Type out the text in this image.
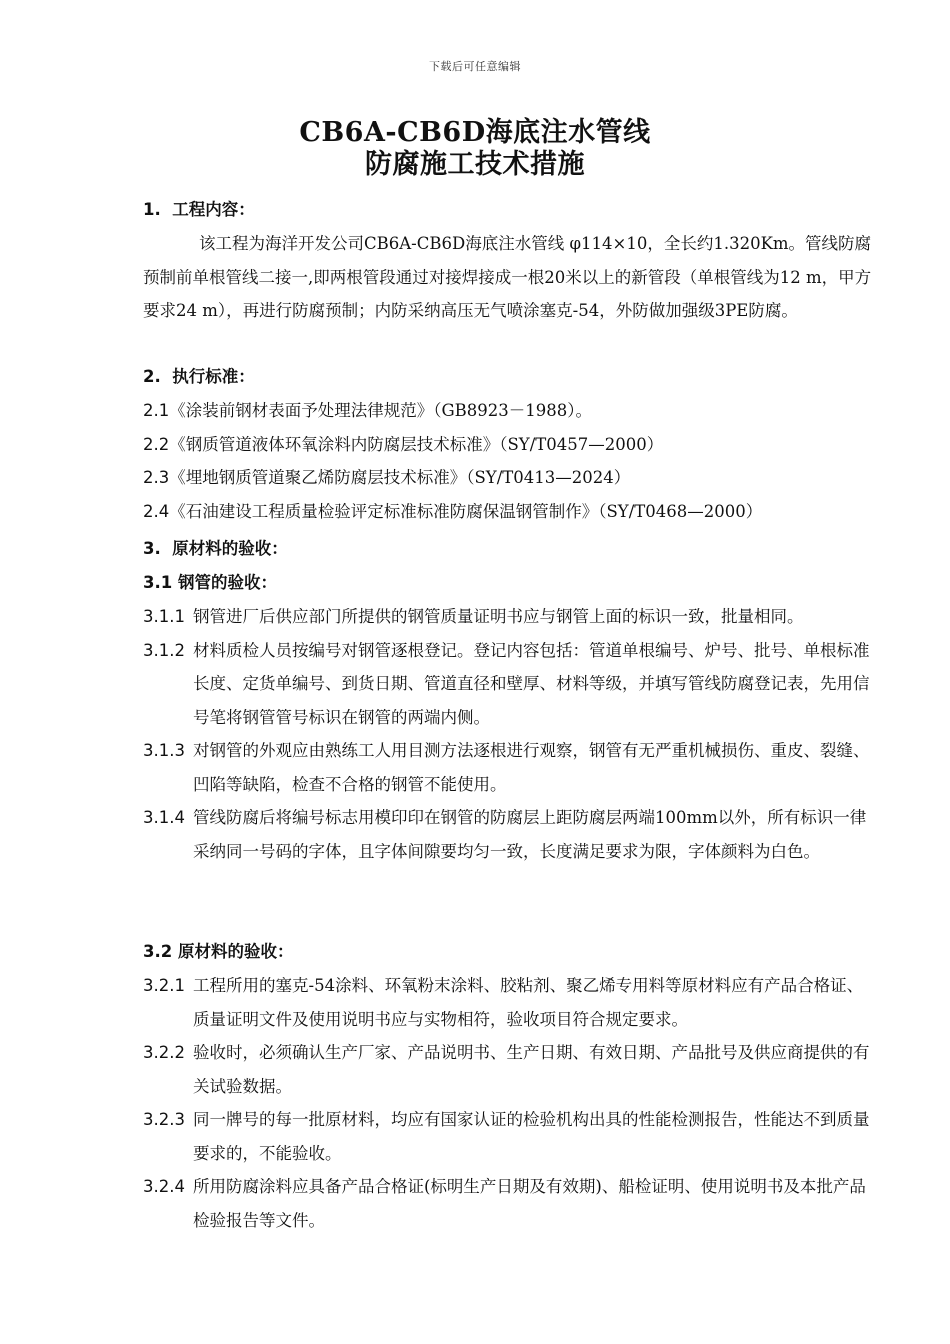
下载后可任意编辑
CB6A-CB6D海底注水管线
防腐施工技术措施
1.  工程内容：
该工程为海洋开发公司CB6A-CB6D海底注水管线 φ114×10，全长约1.320Km。管线防腐预制前单根管线二接一,即两根管段通过对接焊接成一根20米以上的新管段（单根管线为12 m，甲方要求24 m），再进行防腐预制；内防采纳高压无气喷涂塞克-54，外防做加强级3PE防腐。
2.  执行标准：
2.1《涂装前钢材表面予处理法律规范》（GB8923－1988）。
2.2《钢质管道液体环氧涂料内防腐层技术标准》（SY/T0457—2000）
2.3《埋地钢质管道聚乙烯防腐层技术标准》（SY/T0413—2024）
2.4《石油建设工程质量检验评定标准标准防腐保温钢管制作》（SY/T0468—2000）
3.  原材料的验收：
3.1 钢管的验收：
3.1.1 钢管进厂后供应部门所提供的钢管质量证明书应与钢管上面的标识一致，批量相同。
3.1.2 材料质检人员按编号对钢管逐根登记。登记内容包括：管道单根编号、炉号、批号、单根标准长度、定货单编号、到货日期、管道直径和壁厚、材料等级，并填写管线防腐登记表，先用信号笔将钢管管号标识在钢管的两端内侧。
3.1.3 对钢管的外观应由熟练工人用目测方法逐根进行观察，钢管有无严重机械损伤、重皮、裂缝、凹陷等缺陷，检查不合格的钢管不能使用。
3.1.4 管线防腐后将编号标志用模印印在钢管的防腐层上距防腐层两端100mm以外，所有标识一律采纳同一号码的字体，且字体间隙要均匀一致，长度满足要求为限，字体颜料为白色。
3.2 原材料的验收：
3.2.1 工程所用的塞克-54涂料、环氧粉末涂料、胶粘剂、聚乙烯专用料等原材料应有产品合格证、质量证明文件及使用说明书应与实物相符，验收项目符合规定要求。
3.2.2 验收时，必须确认生产厂家、产品说明书、生产日期、有效日期、产品批号及供应商提供的有关试验数据。
3.2.3 同一牌号的每一批原材料，均应有国家认证的检验机构出具的性能检测报告，性能达不到质量要求的，不能验收。
3.2.4 所用防腐涂料应具备产品合格证(标明生产日期及有效期)、船检证明、使用说明书及本批产品检验报告等文件。
